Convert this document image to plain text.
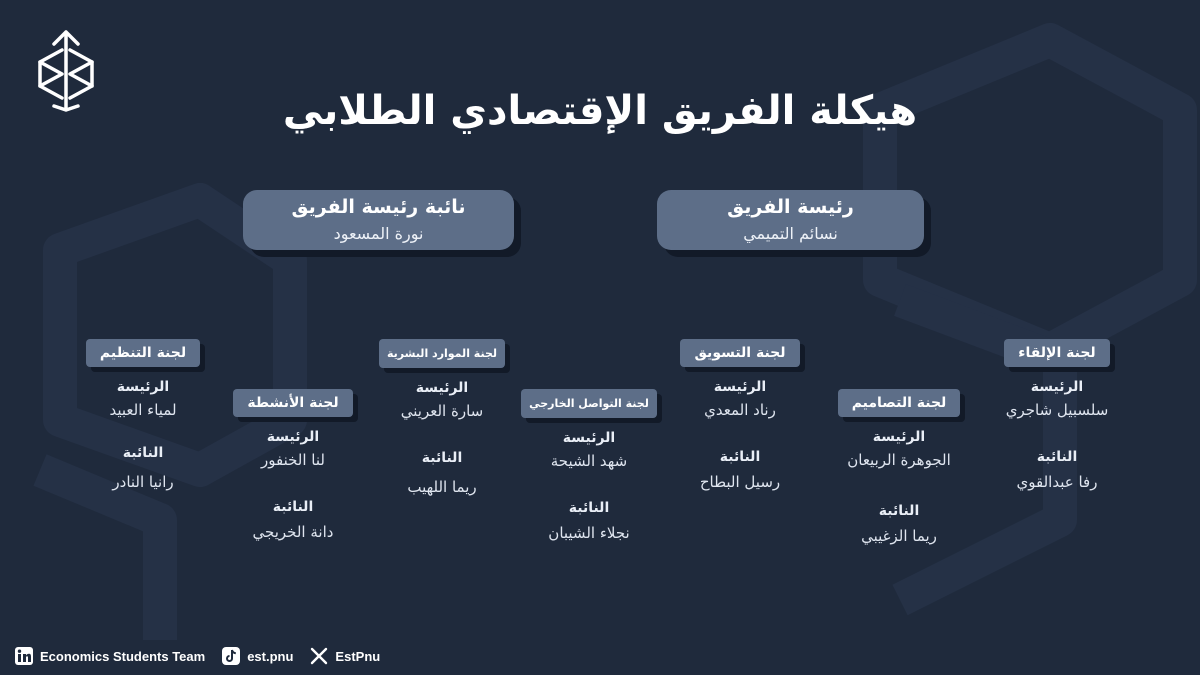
هيكلة الفريق الإقتصادي الطلابي
رئيسة الفريق
نسائم التميمي
نائبة رئيسة الفريق
نورة المسعود
لجنة التنظيم
الرئيسة
لمياء العبيد
النائبة
رانيا النادر
لجنة الأنشطة
الرئيسة
لنا الخنفور
النائبة
دانة الخريجي
لجنة الموارد البشرية
الرئيسة
سارة العريني
النائبة
ريما اللهيب
لجنة التواصل الخارجي
الرئيسة
شهد الشيحة
النائبة
نجلاء الشيبان
لجنة التسويق
الرئيسة
رناد المعدي
النائبة
رسيل البطاح
لجنة التصاميم
الرئيسة
الجوهرة الربيعان
النائبة
ريما الزغيبي
لجنة الإلقاء
الرئيسة
سلسبيل شاجري
النائبة
رفا عبدالقوي
Economics Students Team	est.pnu	EstPnu
